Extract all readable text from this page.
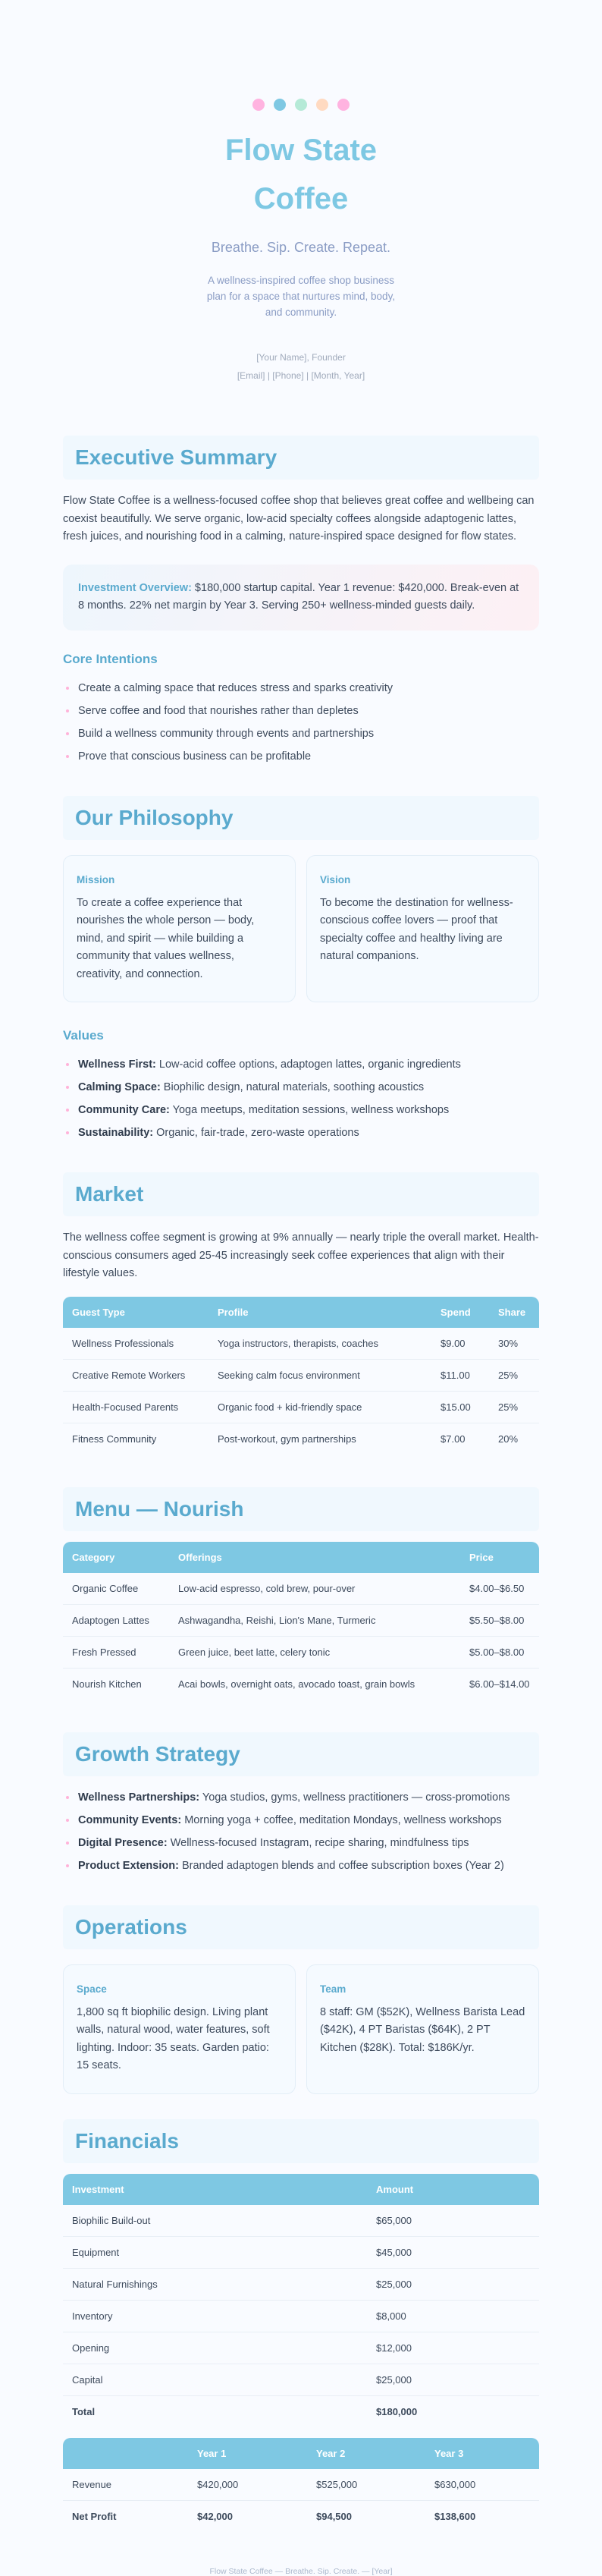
Flow State Coffee
Breathe. Sip. Create. Repeat.
A wellness-inspired coffee shop business plan for a space that nurtures mind, body, and community.
[Your Name], Founder
[Email] | [Phone] | [Month, Year]
Executive Summary

Flow State Coffee is a wellness-focused coffee shop that believes great coffee and wellbeing can coexist beautifully. We serve organic, low-acid specialty coffees alongside adaptogenic lattes, fresh juices, and nourishing food in a calming, nature-inspired space designed for flow states.

Investment Overview: $180,000 startup capital. Year 1 revenue: $420,000. Break-even at 8 months. 22% net margin by Year 3. Serving 250+ wellness-minded guests daily.
Core Intentions
Create a calming space that reduces stress and sparks creativity
Serve coffee and food that nourishes rather than depletes
Build a wellness community through events and partnerships
Prove that conscious business can be profitable
Our Philosophy
Mission

To create a coffee experience that nourishes the whole person — body, mind, and spirit — while building a community that values wellness, creativity, and connection.

Vision

To become the destination for wellness-conscious coffee lovers — proof that specialty coffee and healthy living are natural companions.

Values
Wellness First: Low-acid coffee options, adaptogen lattes, organic ingredients
Calming Space: Biophilic design, natural materials, soothing acoustics
Community Care: Yoga meetups, meditation sessions, wellness workshops
Sustainability: Organic, fair-trade, zero-waste operations
Market

The wellness coffee segment is growing at 9% annually — nearly triple the overall market. Health-conscious consumers aged 25-45 increasingly seek coffee experiences that align with their lifestyle values.

Guest Type	Profile	Spend	Share
Wellness Professionals	Yoga instructors, therapists, coaches	$9.00	30%
Creative Remote Workers	Seeking calm focus environment	$11.00	25%
Health-Focused Parents	Organic food + kid-friendly space	$15.00	25%
Fitness Community	Post-workout, gym partnerships	$7.00	20%
Menu — Nourish
Category	Offerings	Price
Organic Coffee	Low-acid espresso, cold brew, pour-over	$4.00–$6.50
Adaptogen Lattes	Ashwagandha, Reishi, Lion's Mane, Turmeric	$5.50–$8.00
Fresh Pressed	Green juice, beet latte, celery tonic	$5.00–$8.00
Nourish Kitchen	Acai bowls, overnight oats, avocado toast, grain bowls	$6.00–$14.00
Growth Strategy
Wellness Partnerships: Yoga studios, gyms, wellness practitioners — cross-promotions
Community Events: Morning yoga + coffee, meditation Mondays, wellness workshops
Digital Presence: Wellness-focused Instagram, recipe sharing, mindfulness tips
Product Extension: Branded adaptogen blends and coffee subscription boxes (Year 2)
Operations
Space

1,800 sq ft biophilic design. Living plant walls, natural wood, water features, soft lighting. Indoor: 35 seats. Garden patio: 15 seats.

Team

8 staff: GM ($52K), Wellness Barista Lead ($42K), 4 PT Baristas ($64K), 2 PT Kitchen ($28K). Total: $186K/yr.

Financials
Investment	Amount
Biophilic Build-out	$65,000
Equipment	$45,000
Natural Furnishings	$25,000
Inventory	$8,000
Opening	$12,000
Capital	$25,000
Total	$180,000
	Year 1	Year 2	Year 3
Revenue	$420,000	$525,000	$630,000
Net Profit	$42,000	$94,500	$138,600
Flow State Coffee — Breathe. Sip. Create. — [Year]
